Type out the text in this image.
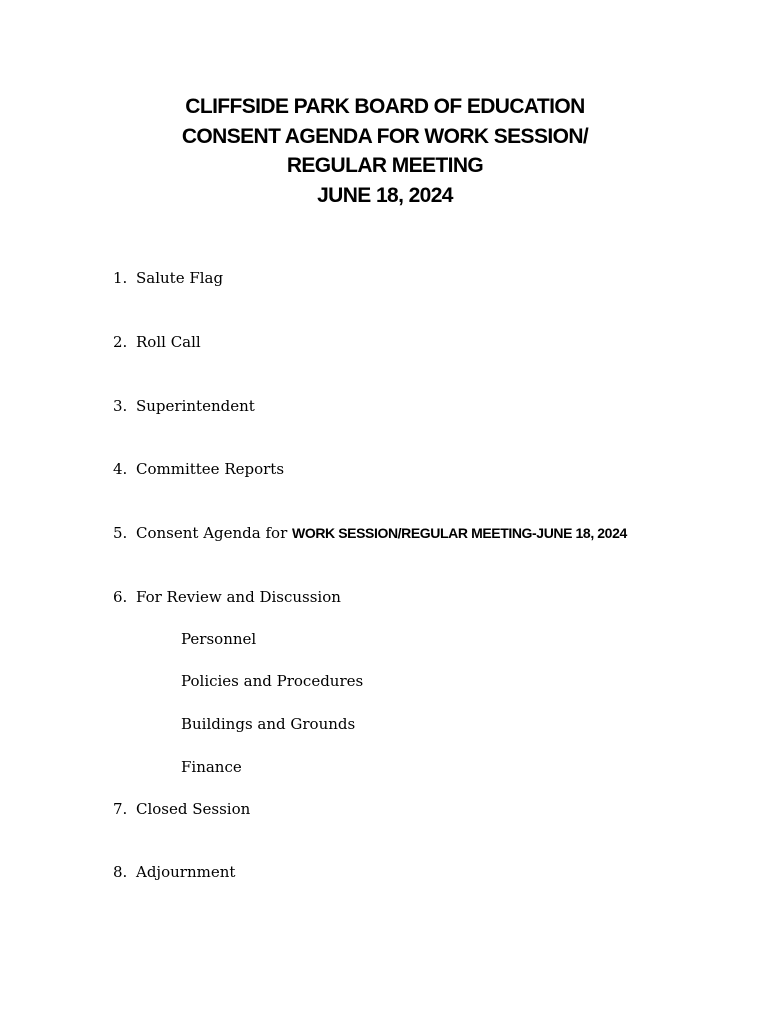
CLIFFSIDE PARK BOARD OF EDUCATION
CONSENT AGENDA FOR WORK SESSION/
REGULAR MEETING
JUNE 18, 2024
1. Salute Flag
2. Roll Call
3. Superintendent
4. Committee Reports
5. Consent Agenda for WORK SESSION/REGULAR MEETING-JUNE 18, 2024
6. For Review and Discussion
Personnel
Policies and Procedures
Buildings and Grounds
Finance
7. Closed Session
8. Adjournment
